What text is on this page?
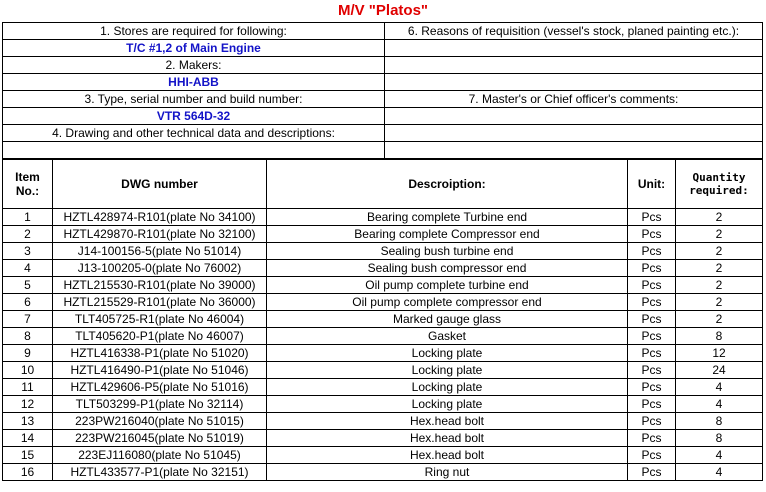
M/V "Platos"
1. Stores are required for following:	6. Reasons of requisition (vessel's stock, planed painting etc.):
T/C #1,2 of Main Engine	
2. Makers:	
HHI-ABB	
3. Type, serial number and build number:	7. Master's or Chief officer's comments:
VTR 564D-32	
4. Drawing and other technical data and descriptions:	

Item No.:	DWG number	Descroiption:	Unit:	Quantity required:
1	HZTL428974-R101(plate No 34100)	Bearing complete Turbine end	Pcs	2
2	HZTL429870-R101(plate No 32100)	Bearing complete Compressor end	Pcs	2
3	J14-100156-5(plate No 51014)	Sealing bush turbine end	Pcs	2
4	J13-100205-0(plate No 76002)	Sealing bush compressor end	Pcs	2
5	HZTL215530-R101(plate No 39000)	Oil pump complete turbine end	Pcs	2
6	HZTL215529-R101(plate No 36000)	Oil pump complete compressor end	Pcs	2
7	TLT405725-R1(plate No 46004)	Marked gauge glass	Pcs	2
8	TLT405620-P1(plate No 46007)	Gasket	Pcs	8
9	HZTL416338-P1(plate No 51020)	Locking plate	Pcs	12
10	HZTL416490-P1(plate No 51046)	Locking plate	Pcs	24
11	HZTL429606-P5(plate No 51016)	Locking plate	Pcs	4
12	TLT503299-P1(plate No 32114)	Locking plate	Pcs	4
13	223PW216040(plate No 51015)	Hex.head bolt	Pcs	8
14	223PW216045(plate No 51019)	Hex.head bolt	Pcs	8
15	223EJ116080(plate No 51045)	Hex.head bolt	Pcs	4
16	HZTL433577-P1(plate No 32151)	Ring nut	Pcs	4
